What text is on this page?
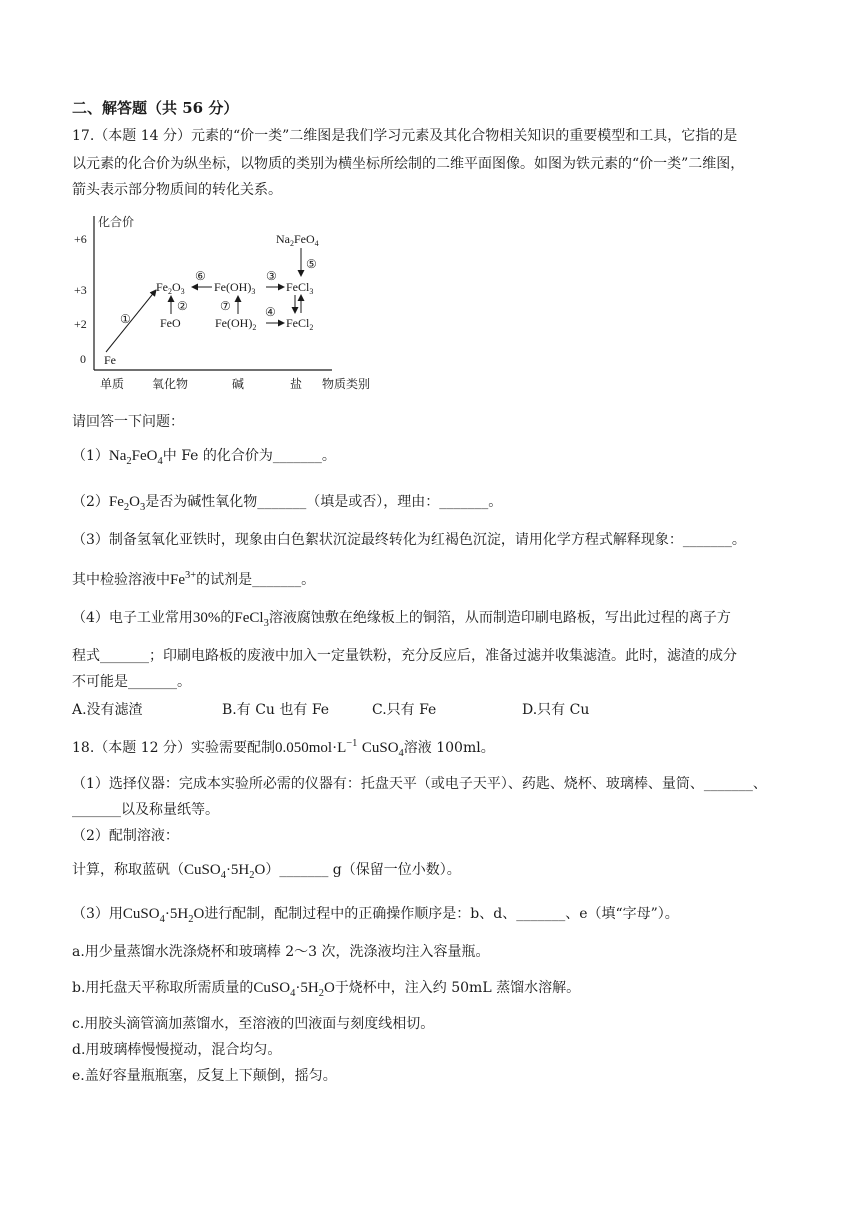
二、解答题（共 56 分）
17.（本题 14 分）元素的“价一类”二维图是我们学习元素及其化合物相关知识的重要模型和工具，它指的是
以元素的化合价为纵坐标，以物质的类别为横坐标所绘制的二维平面图像。如图为铁元素的“价一类”二维图，
箭头表示部分物质间的转化关系。
化合价
+6
+3
+2
0
单质 氧化物	碱	盐 物质类别
Fe
FeO
$Fe_2O_3$
$Fe(OH)_2$
$Fe(OH)_3$
FeCl$_2$
FeCl$_3$
$Na_2FeO_4$
①
②
③
④
⑤
⑥
⑦
请回答一下问题：
$(1)Na_2FeO_4$中 Fe 的化合价为_______。
$(2)Fe_2O_3$是否为碱性氧化物_______（填是或否），理由：_______。
（3）制备氢氧化亚铁时，现象由白色絮状沉淀最终转化为红褐色沉淀，请用化学方程式解释现象：_______。
其中检验溶液中$Fe^{3+}$的试剂是_______。
（4）电子工业常用30%的FeCl$_3$溶液腐蚀敷在绝缘板上的铜箔，从而制造印刷电路板，写出此过程的离子方
程式_______；印刷电路板的废液中加入一定量铁粉，充分反应后，准备过滤并收集滤渣。此时，滤渣的成分
不可能是_______。
A.没有滤渣	B.有 Cu 也有 Fe	C.只有 Fe	D.只有 Cu
18.（本题 12 分）实验需要配制$0.050mol\cdot L^{-1}$ CuSO$_4$溶液 100ml。
（1）选择仪器：完成本实验所必需的仪器有：托盘天平（或电子天平）、药匙、烧杯、玻璃棒、量筒、_______、
_______以及称量纸等。
（2）配制溶液：
计算，称取蓝矾$(CuSO_4\cdot 5H_2O)\_\_\_\_\_\_\_$ g（保留一位小数）。
（3）用$CuSO_4\cdot 5H_2O$进行配制，配制过程中的正确操作顺序是：b、d、_______、e（填“字母”）。
a.用少量蒸馏水洗涤烧杯和玻璃棒 2～3 次，洗涤液均注入容量瓶。
b.用托盘天平称取所需质量的$CuSO_4\cdot 5H_2O$于烧杯中，注入约 50mL 蒸馏水溶解。
c.用胶头滴管滴加蒸馏水，至溶液的凹液面与刻度线相切。
d.用玻璃棒慢慢搅动，混合均匀。
e.盖好容量瓶瓶塞，反复上下颠倒，摇匀。
